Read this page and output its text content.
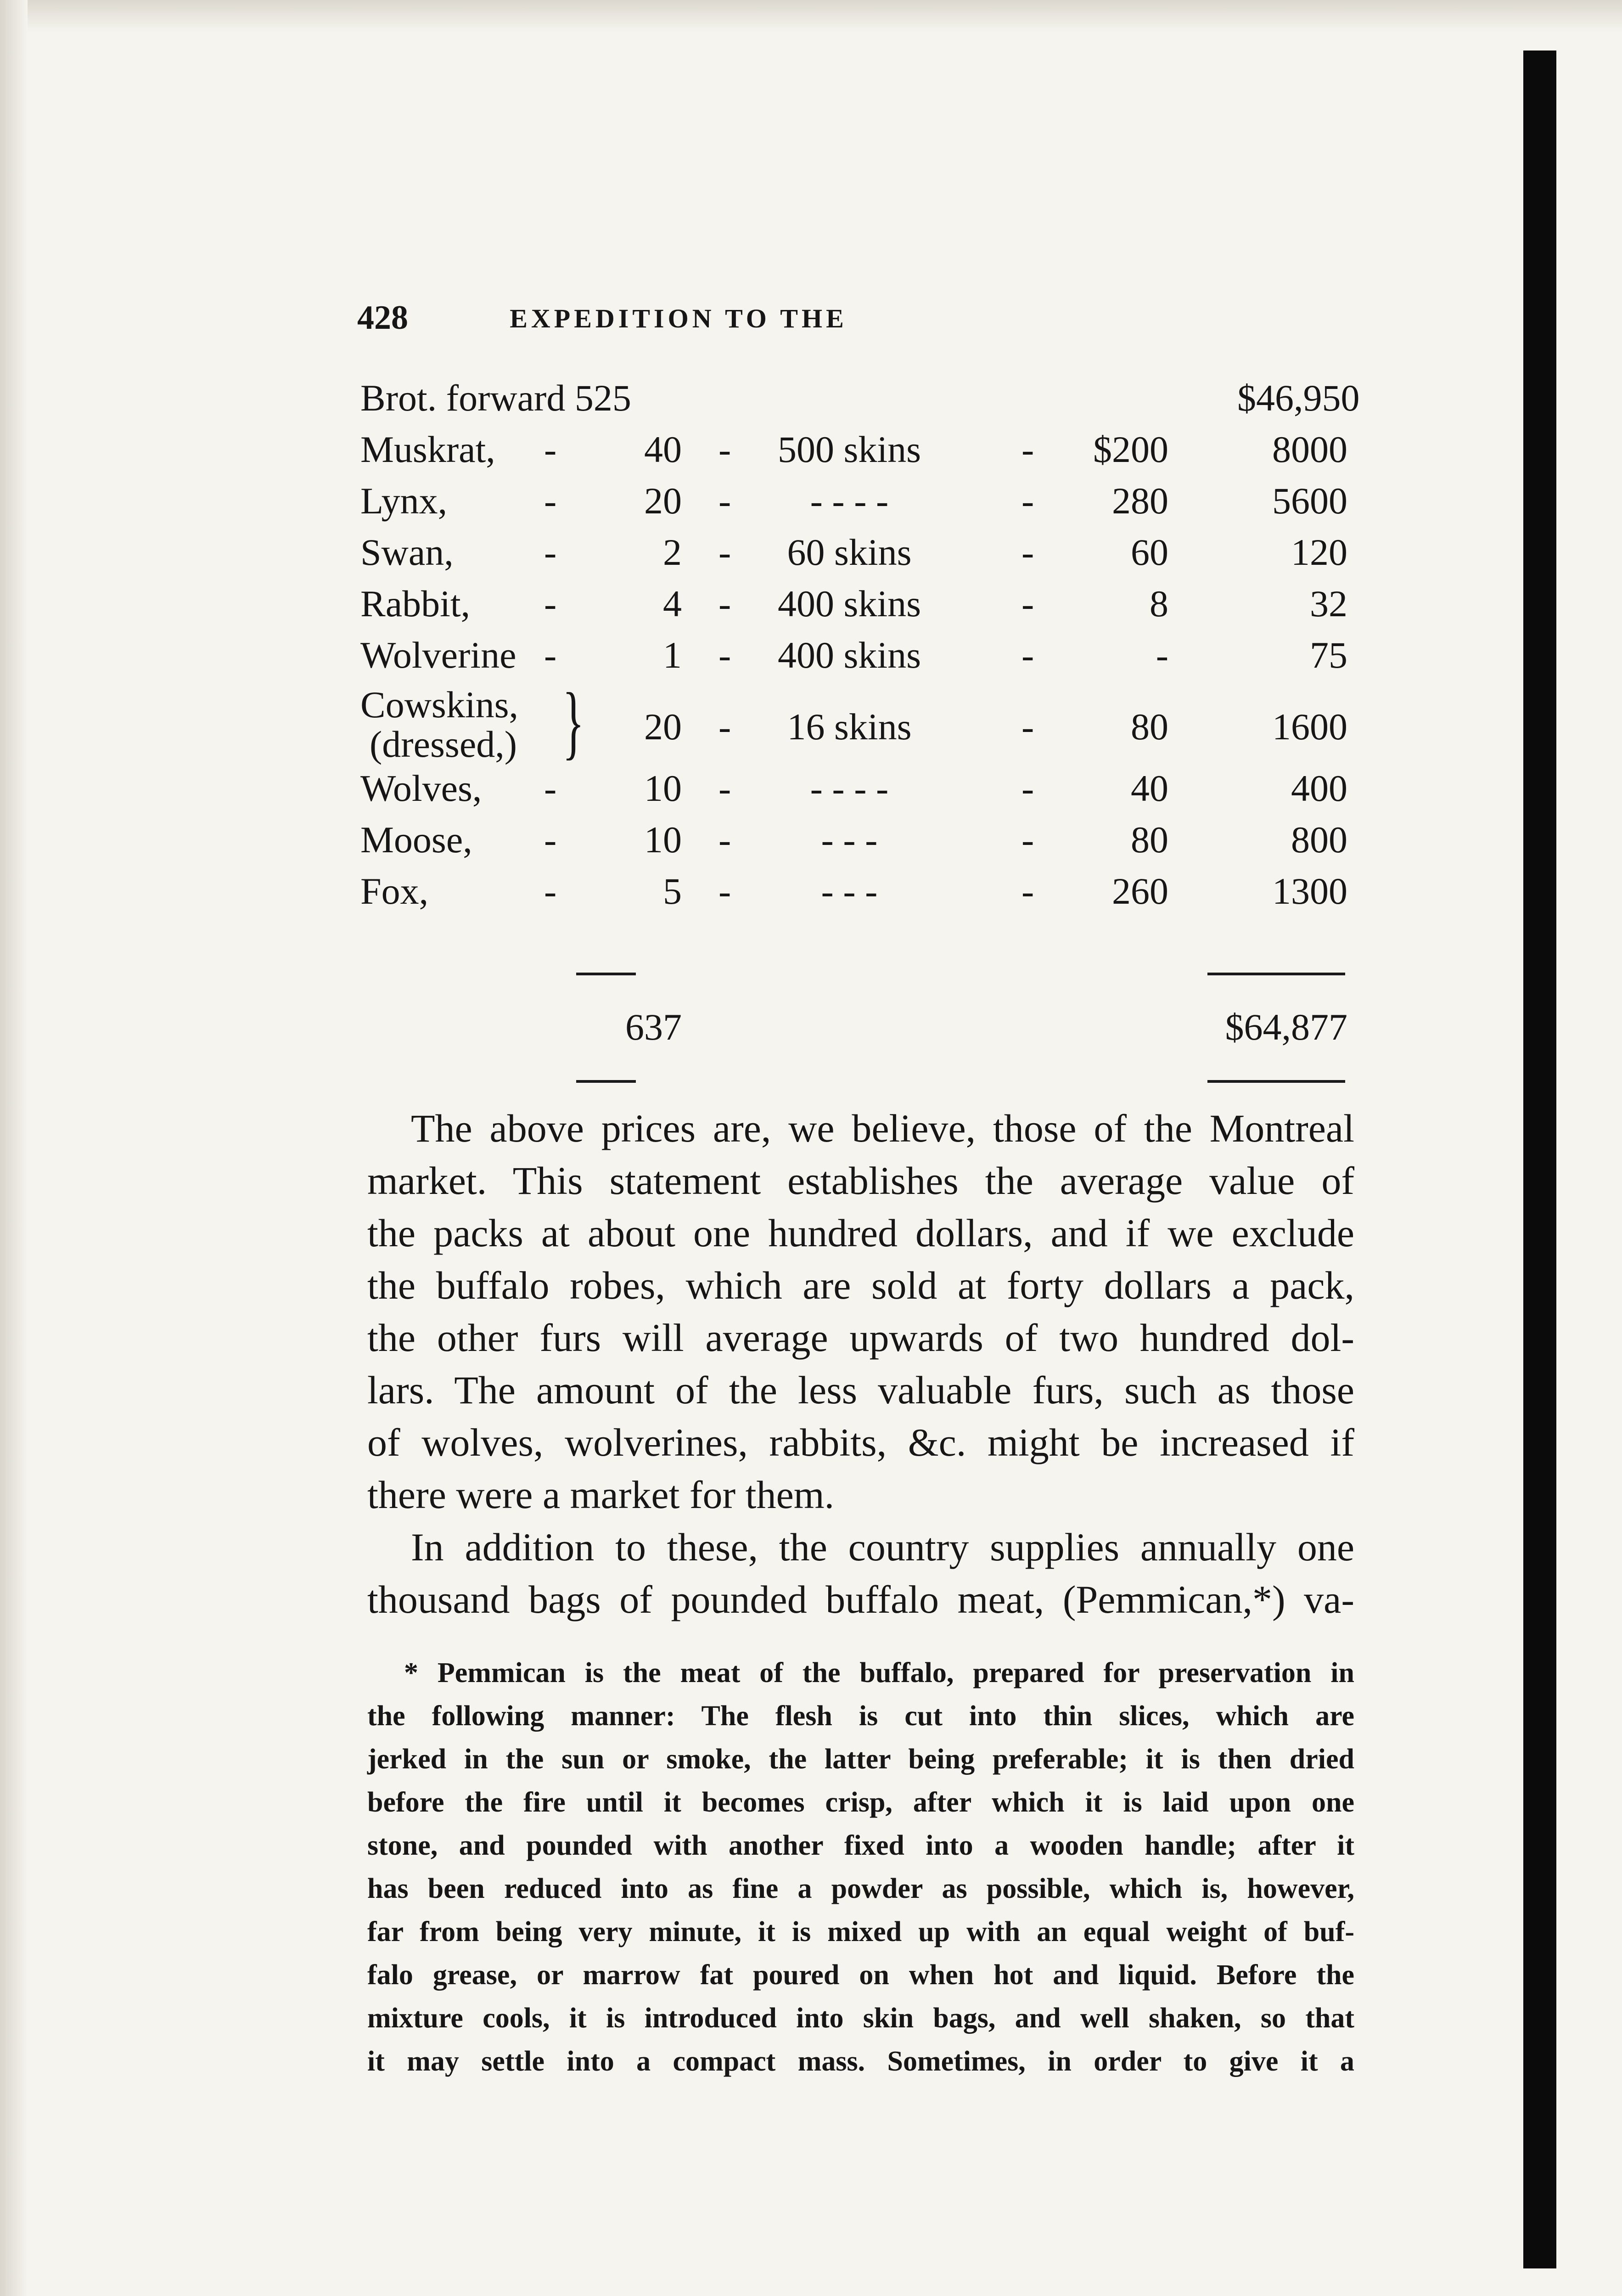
428	EXPEDITION TO THE
Brot. forward 525	$46,950
Muskrat, -	40 - 500 skins	-	$200	8000
Lynx,	-	20 -	- - - -	-	280	5600
Swan, -	2 -	60 skins	-	60	120
Rabbit, -	4 - 400 skins	-	8	32
Wolverine -	1 - 400 skins	-	-	75
Cowskins,
(dressed,) }	20 -	16 skins	-	80	1600
Wolves, -	10 -	- - - -	-	40	400
Moose, -	10 -	- - -	-	80	800
Fox,	-	5 -	- - -	-	260	1300
637	$64,877
The above prices are, we believe, those of the Montreal
market. This statement establishes the average value of
the packs at about one hundred dollars, and if we exclude
the buffalo robes, which are sold at forty dollars a pack,
the other furs will average upwards of two hundred dol-
lars. The amount of the less valuable furs, such as those
of wolves, wolverines, rabbits, &c. might be increased if
there were a market for them.
In addition to these, the country supplies annually one
thousand bags of pounded buffalo meat, (Pemmican,*) va-
* Pemmican is the meat of the buffalo, prepared for preservation in
the following manner: The flesh is cut into thin slices, which are
jerked in the sun or smoke, the latter being preferable; it is then dried
before the fire until it becomes crisp, after which it is laid upon one
stone, and pounded with another fixed into a wooden handle; after it
has been reduced into as fine a powder as possible, which is, however,
far from being very minute, it is mixed up with an equal weight of buf-
falo grease, or marrow fat poured on when hot and liquid. Before the
mixture cools, it is introduced into skin bags, and well shaken, so that
it may settle into a compact mass. Sometimes, in order to give it a
